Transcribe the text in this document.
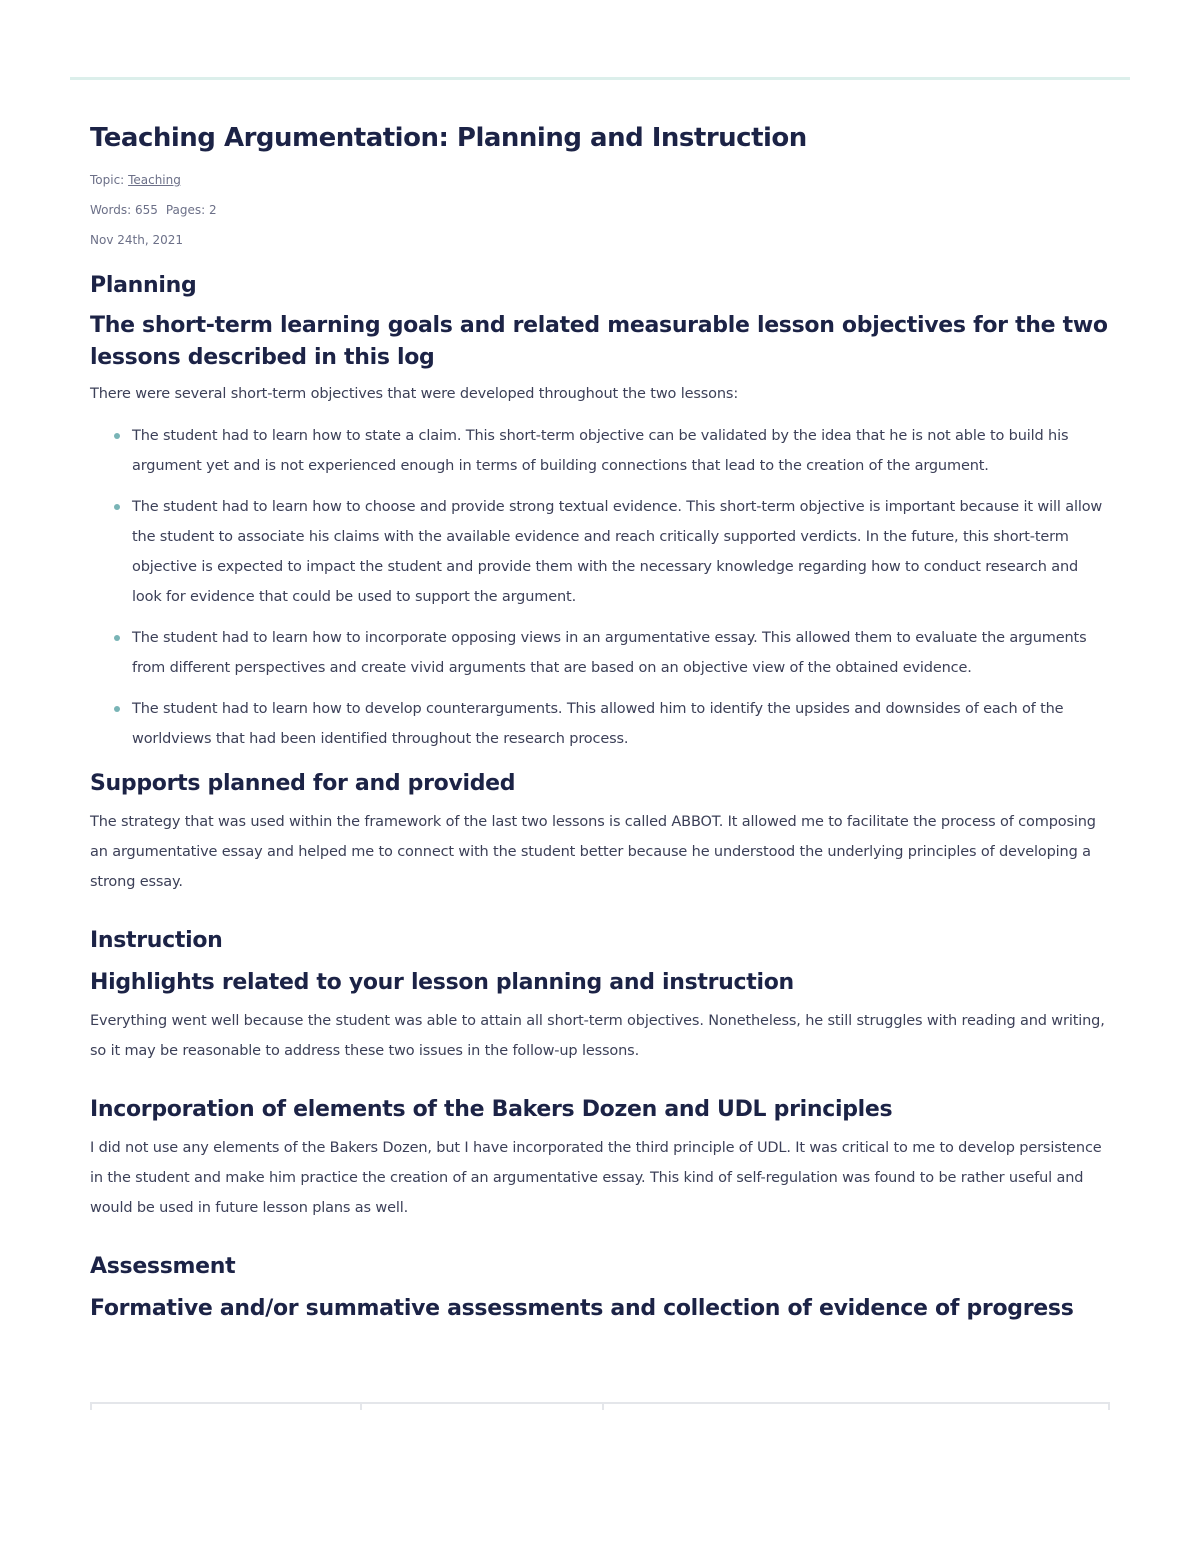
Teaching Argumentation: Planning and Instruction
Topic: Teaching
Words: 655 Pages: 2
Nov 24th, 2021
Planning
The short-term learning goals and related measurable lesson objectives for the two lessons described in this log

There were several short-term objectives that were developed throughout the two lessons:

The student had to learn how to state a claim. This short-term objective can be validated by the idea that he is not able to build his argument yet and is not experienced enough in terms of building connections that lead to the creation of the argument.

The student had to learn how to choose and provide strong textual evidence. This short-term objective is important because it will allow the student to associate his claims with the available evidence and reach critically supported verdicts. In the future, this short-term objective is expected to impact the student and provide them with the necessary knowledge regarding how to conduct research and look for evidence that could be used to support the argument.

The student had to learn how to incorporate opposing views in an argumentative essay. This allowed them to evaluate the arguments from different perspectives and create vivid arguments that are based on an objective view of the obtained evidence.

The student had to learn how to develop counterarguments. This allowed him to identify the upsides and downsides of each of the worldviews that had been identified throughout the research process.

Supports planned for and provided

The strategy that was used within the framework of the last two lessons is called ABBOT. It allowed me to facilitate the process of composing an argumentative essay and helped me to connect with the student better because he understood the underlying principles of developing a strong essay.

Instruction
Highlights related to your lesson planning and instruction

Everything went well because the student was able to attain all short-term objectives. Nonetheless, he still struggles with reading and writing, so it may be reasonable to address these two issues in the follow-up lessons.

Incorporation of elements of the Bakers Dozen and UDL principles

I did not use any elements of the Bakers Dozen, but I have incorporated the third principle of UDL. It was critical to me to develop persistence in the student and make him practice the creation of an argumentative essay. This kind of self-regulation was found to be rather useful and would be used in future lesson plans as well.

Assessment
Formative and/or summative assessments and collection of evidence of progress
